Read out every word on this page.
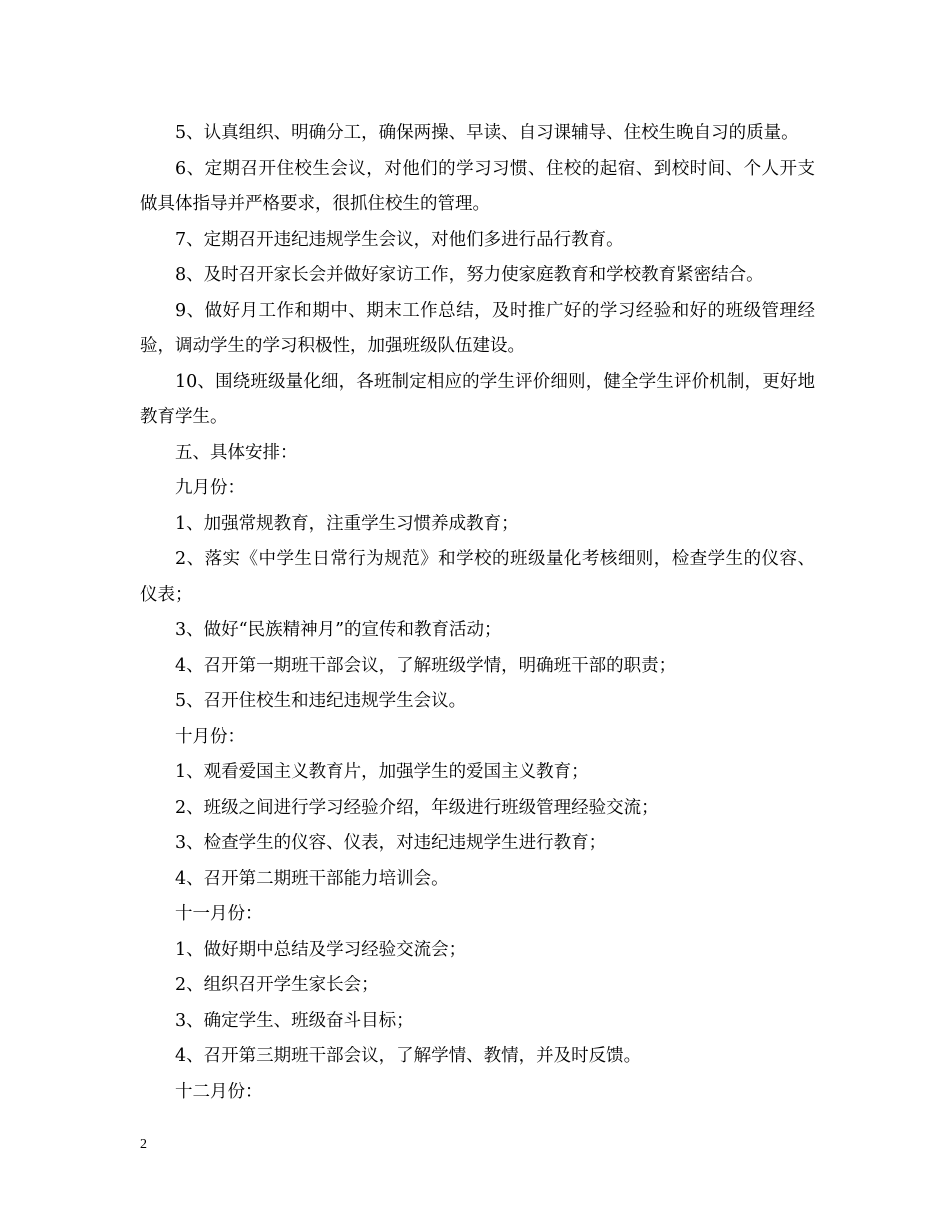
5、认真组织、明确分工，确保两操、早读、自习课辅导、住校生晚自习的质量。

6、定期召开住校生会议，对他们的学习习惯、住校的起宿、到校时间、个人开支做具体指导并严格要求，很抓住校生的管理。

7、定期召开违纪违规学生会议，对他们多进行品行教育。

8、及时召开家长会并做好家访工作，努力使家庭教育和学校教育紧密结合。

9、做好月工作和期中、期末工作总结，及时推广好的学习经验和好的班级管理经验，调动学生的学习积极性，加强班级队伍建设。

10、围绕班级量化细，各班制定相应的学生评价细则，健全学生评价机制，更好地教育学生。

五、具体安排：

九月份：

1、加强常规教育，注重学生习惯养成教育；

2、落实《中学生日常行为规范》和学校的班级量化考核细则，检查学生的仪容、仪表；

3、做好“民族精神月”的宣传和教育活动；

4、召开第一期班干部会议，了解班级学情，明确班干部的职责；

5、召开住校生和违纪违规学生会议。

十月份：

1、观看爱国主义教育片，加强学生的爱国主义教育；

2、班级之间进行学习经验介绍，年级进行班级管理经验交流；

3、检查学生的仪容、仪表，对违纪违规学生进行教育；

4、召开第二期班干部能力培训会。

十一月份：

1、做好期中总结及学习经验交流会；

2、组织召开学生家长会；

3、确定学生、班级奋斗目标；

4、召开第三期班干部会议，了解学情、教情，并及时反馈。

十二月份：

2
